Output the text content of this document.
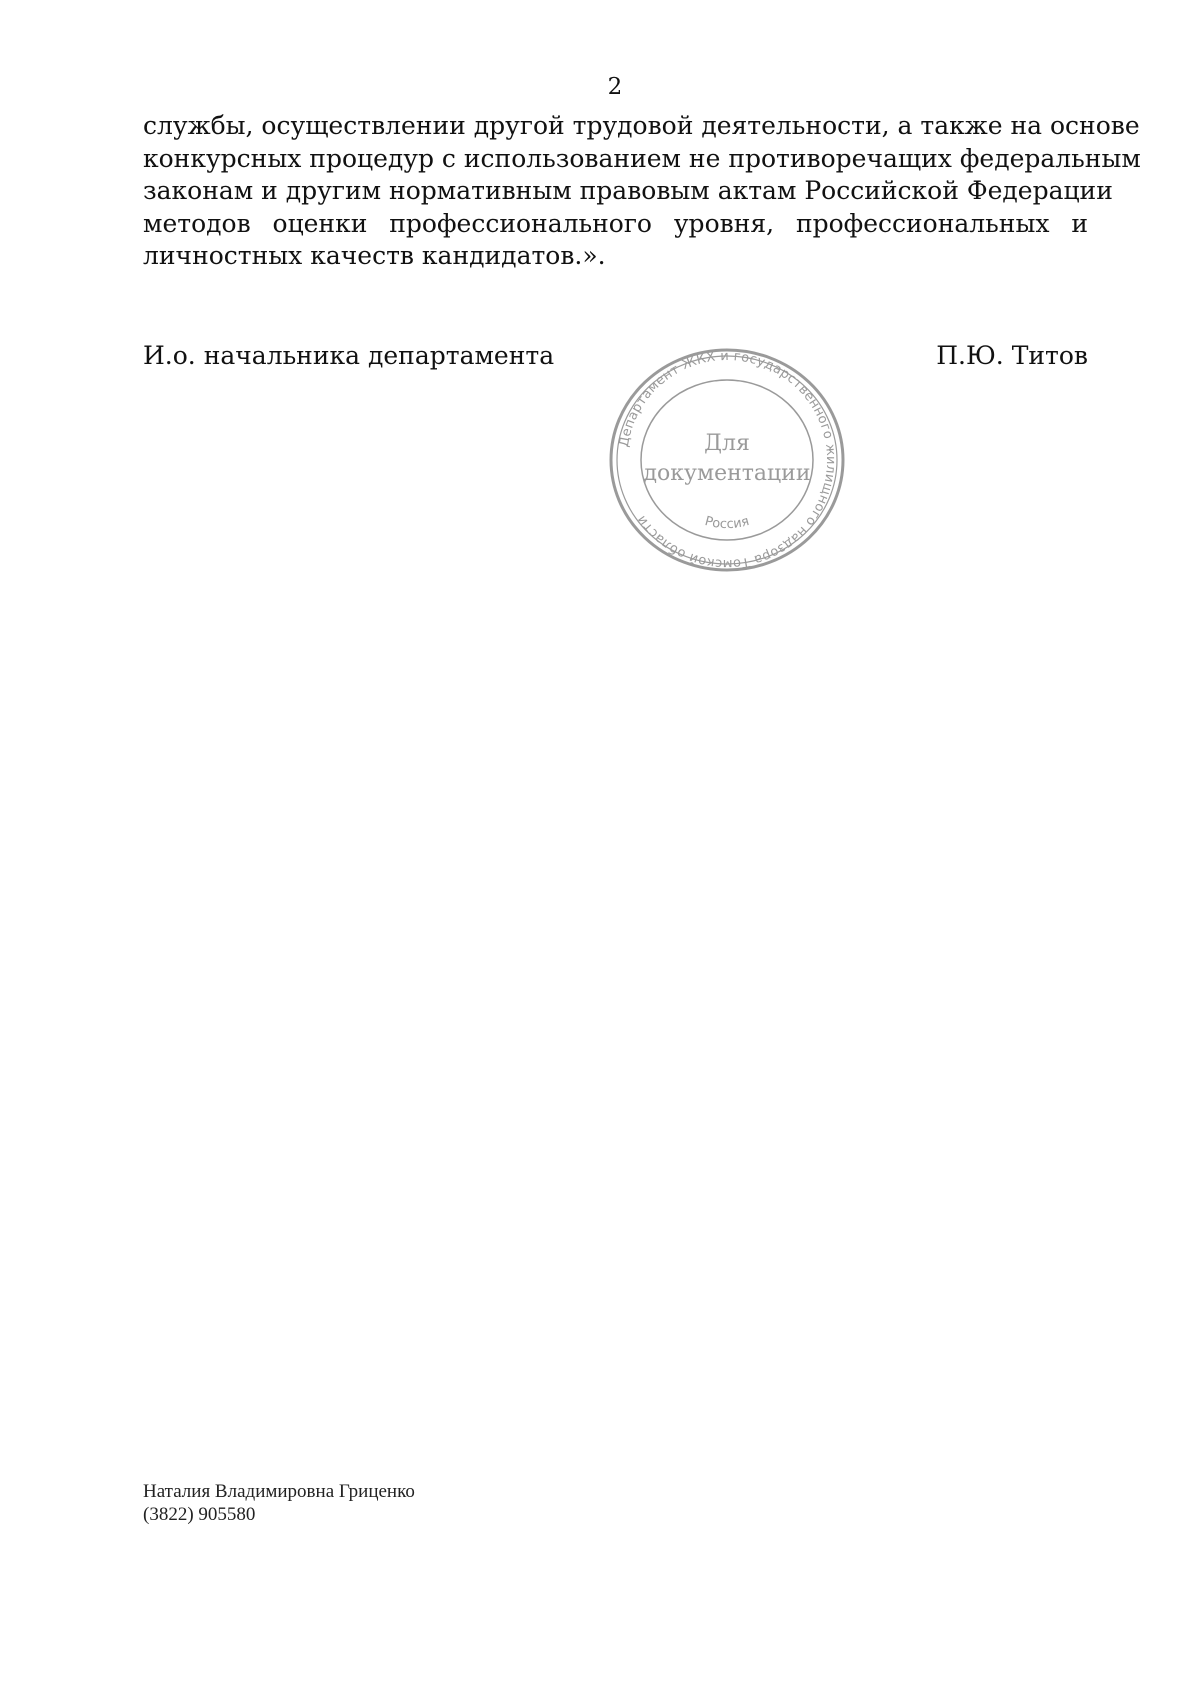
2

службы, осуществлении другой трудовой деятельности, а также на основе
конкурсных процедур с использованием не противоречащих федеральным
законам и другим нормативным правовым актам Российской Федерации
методов оценки профессионального уровня, профессиональных и
личностных качеств кандидатов.».

И.о. начальника департамента	П.Ю. Титов
Департамент ЖКХ и государственного жилищного надзора Томской области
Для
документации
Россия
Наталия Владимировна Гриценко
(3822) 905580
